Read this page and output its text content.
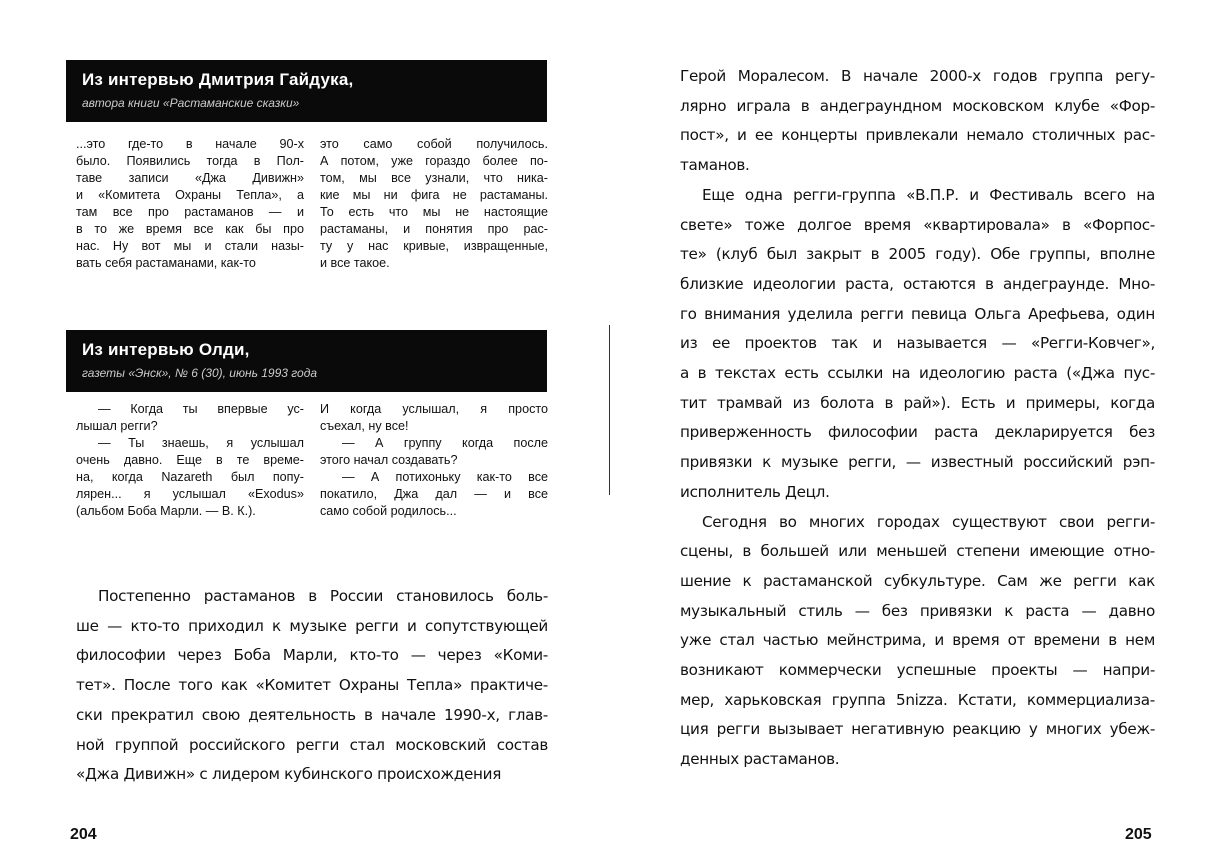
Из интервью Дмитрия Гайдука,
автора книги «Растаманские сказки»
...это где-то в начале 90-х
было. Появились тогда в Пол-
таве записи «Джа Дивижн»
и «Комитета Охраны Тепла», а
там все про растаманов — и
в то же время все как бы про
нас. Ну вот мы и стали назы-
вать себя растаманами, как-то
это само собой получилось.
А потом, уже гораздо более по-
том, мы все узнали, что ника-
кие мы ни фига не растаманы.
То есть что мы не настоящие
растаманы, и понятия про рас-
ту у нас кривые, извращенные,
и все такое.
Из интервью Олди,
газеты «Энск», № 6 (30), июнь 1993 года
— Когда ты впервые ус-
лышал регги?
— Ты знаешь, я услышал
очень давно. Еще в те време-
на, когда Nazareth был попу-
лярен... я услышал «Exodus»
(альбом Боба Марли. — В. К.).
И когда услышал, я просто
съехал, ну все!
— А группу когда после
этого начал создавать?
— А потихоньку как-то все
покатило, Джа дал — и все
само собой родилось...
Постепенно растаманов в России становилось боль-
ше — кто-то приходил к музыке регги и сопутствующей
философии через Боба Марли, кто-то — через «Коми-
тет». После того как «Комитет Охраны Тепла» практиче-
ски прекратил свою деятельность в начале 1990-х, глав-
ной группой российского регги стал московский состав
«Джа Дивижн» с лидером кубинского происхождения
204
Герой Моралесом. В начале 2000-х годов группа регу-
лярно играла в андеграундном московском клубе «Фор-
пост», и ее концерты привлекали немало столичных рас-
таманов.
Еще одна регги-группа «В.П.Р. и Фестиваль всего на
свете» тоже долгое время «квартировала» в «Форпос-
те» (клуб был закрыт в 2005 году). Обе группы, вполне
близкие идеологии раста, остаются в андеграунде. Мно-
го внимания уделила регги певица Ольга Арефьева, один
из ее проектов так и называется — «Регги-Ковчег»,
а в текстах есть ссылки на идеологию раста («Джа пус-
тит трамвай из болота в рай»). Есть и примеры, когда
приверженность философии раста декларируется без
привязки к музыке регги, — известный российский рэп-
исполнитель Децл.
Сегодня во многих городах существуют свои регги-
сцены, в большей или меньшей степени имеющие отно-
шение к растаманской субкультуре. Сам же регги как
музыкальный стиль — без привязки к раста — давно
уже стал частью мейнстрима, и время от времени в нем
возникают коммерчески успешные проекты — напри-
мер, харьковская группа 5nizza. Кстати, коммерциализа-
ция регги вызывает негативную реакцию у многих убеж-
денных растаманов.
205
